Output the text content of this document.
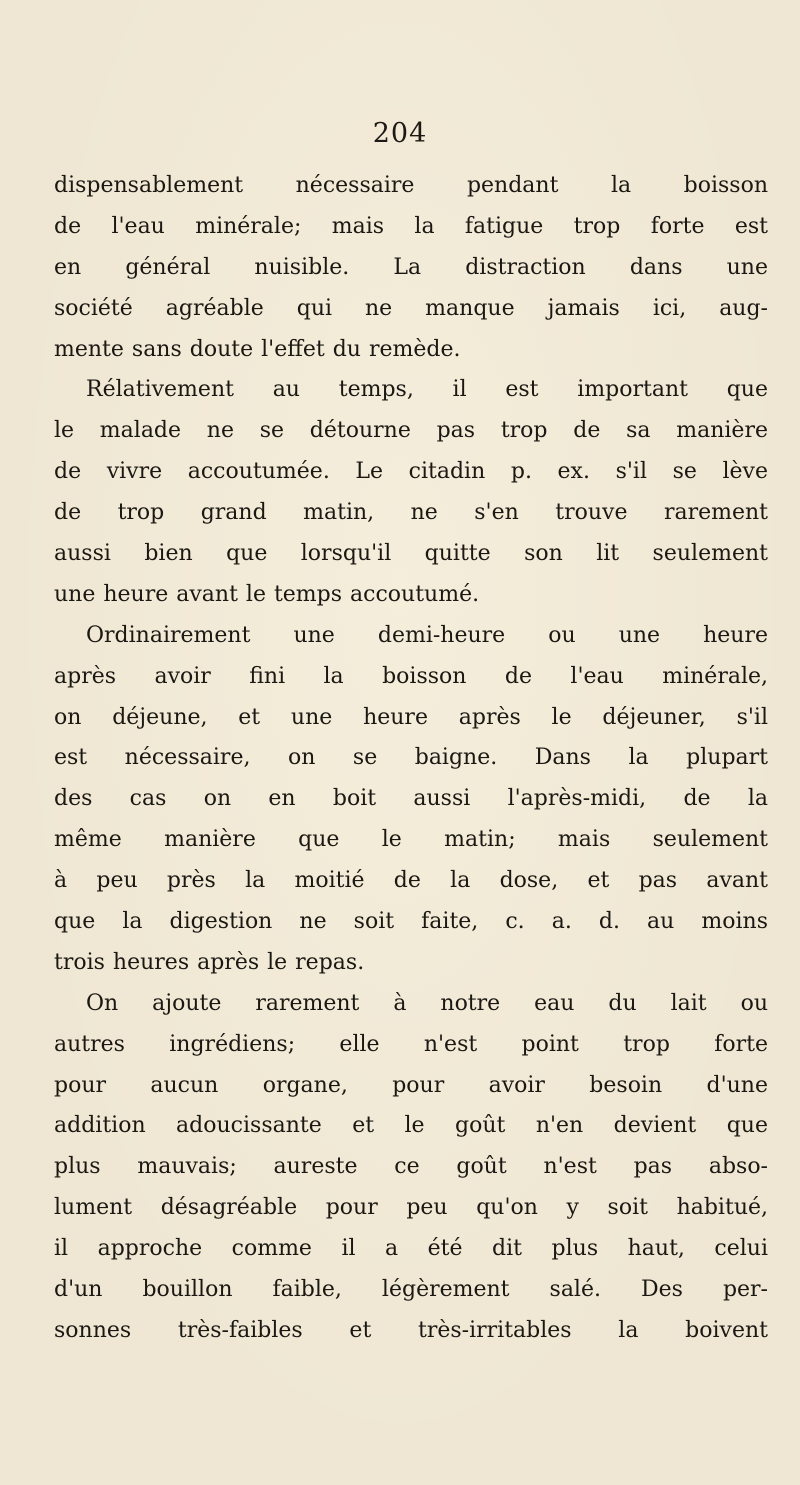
204
dispensablement nécessaire pendant la boisson
de l'eau minérale; mais la fatigue trop forte est
en général nuisible. La distraction dans une
société agréable qui ne manque jamais ici, aug-
mente sans doute l'effet du remède.
Rélativement au temps, il est important que
le malade ne se détourne pas trop de sa manière
de vivre accoutumée. Le citadin p. ex. s'il se lève
de trop grand matin, ne s'en trouve rarement
aussi bien que lorsqu'il quitte son lit seulement
une heure avant le temps accoutumé.
Ordinairement une demi-heure ou une heure
après avoir fini la boisson de l'eau minérale,
on déjeune, et une heure après le déjeuner, s'il
est nécessaire, on se baigne. Dans la plupart
des cas on en boit aussi l'après-midi, de la
même manière que le matin; mais seulement
à peu près la moitié de la dose, et pas avant
que la digestion ne soit faite, c. a. d. au moins
trois heures après le repas.
On ajoute rarement à notre eau du lait ou
autres ingrédiens; elle n'est point trop forte
pour aucun organe, pour avoir besoin d'une
addition adoucissante et le goût n'en devient que
plus mauvais; aureste ce goût n'est pas abso-
lument désagréable pour peu qu'on y soit habitué,
il approche comme il a été dit plus haut, celui
d'un bouillon faible, légèrement salé. Des per-
sonnes très-faibles et très-irritables la boivent
